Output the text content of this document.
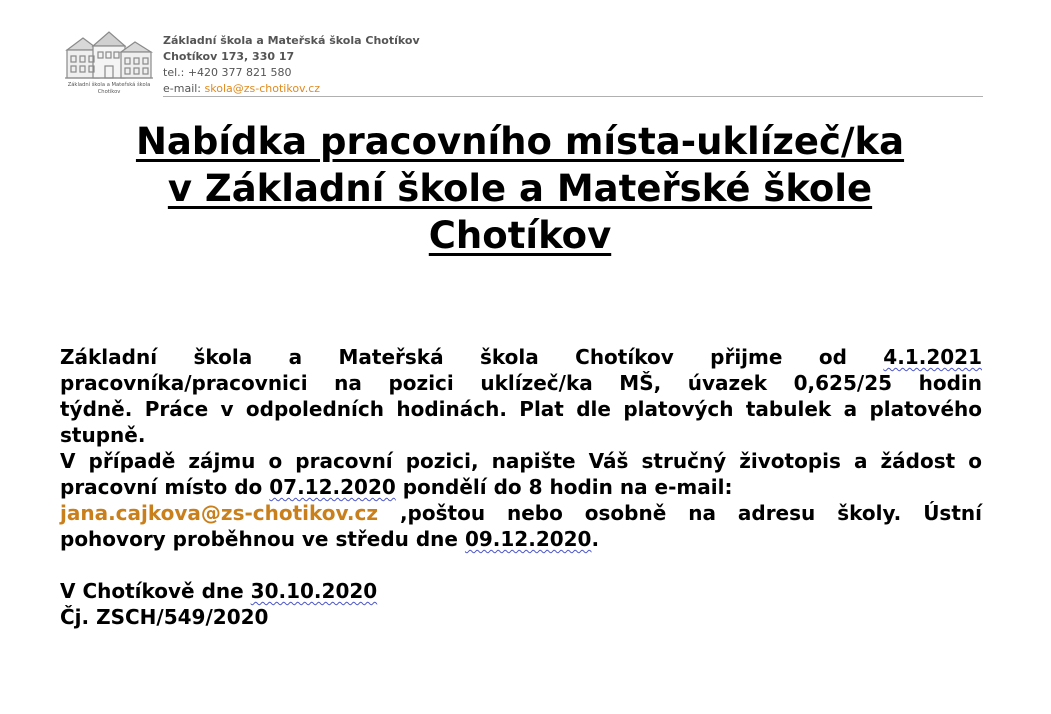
Základní škola a Mateřská škola
Chotíkov
Základní škola a Mateřská škola Chotíkov
Chotíkov 173, 330 17
tel.: +420 377 821 580
e-mail: skola@zs-chotikov.cz
Nabídka pracovního místa-uklízeč/ka
v Základní škole a Mateřské škole
Chotíkov

Základní škola a Mateřská škola Chotíkov přijme od 4.1.2021

pracovníka/pracovnici na pozici uklízeč/ka MŠ, úvazek 0,625/25 hodin

týdně. Práce v odpoledních hodinách. Plat dle platových tabulek a platového

stupně.

V případě zájmu o pracovní pozici, napište Váš stručný životopis a žádost o

pracovní místo do 07.12.2020 pondělí do 8 hodin na e-mail:

jana.cajkova@zs-chotikov.cz ,poštou nebo osobně na adresu školy. Ústní

pohovory proběhnou ve středu dne 09.12.2020.

V Chotíkově dne 30.10.2020

Čj. ZSCH/549/2020
